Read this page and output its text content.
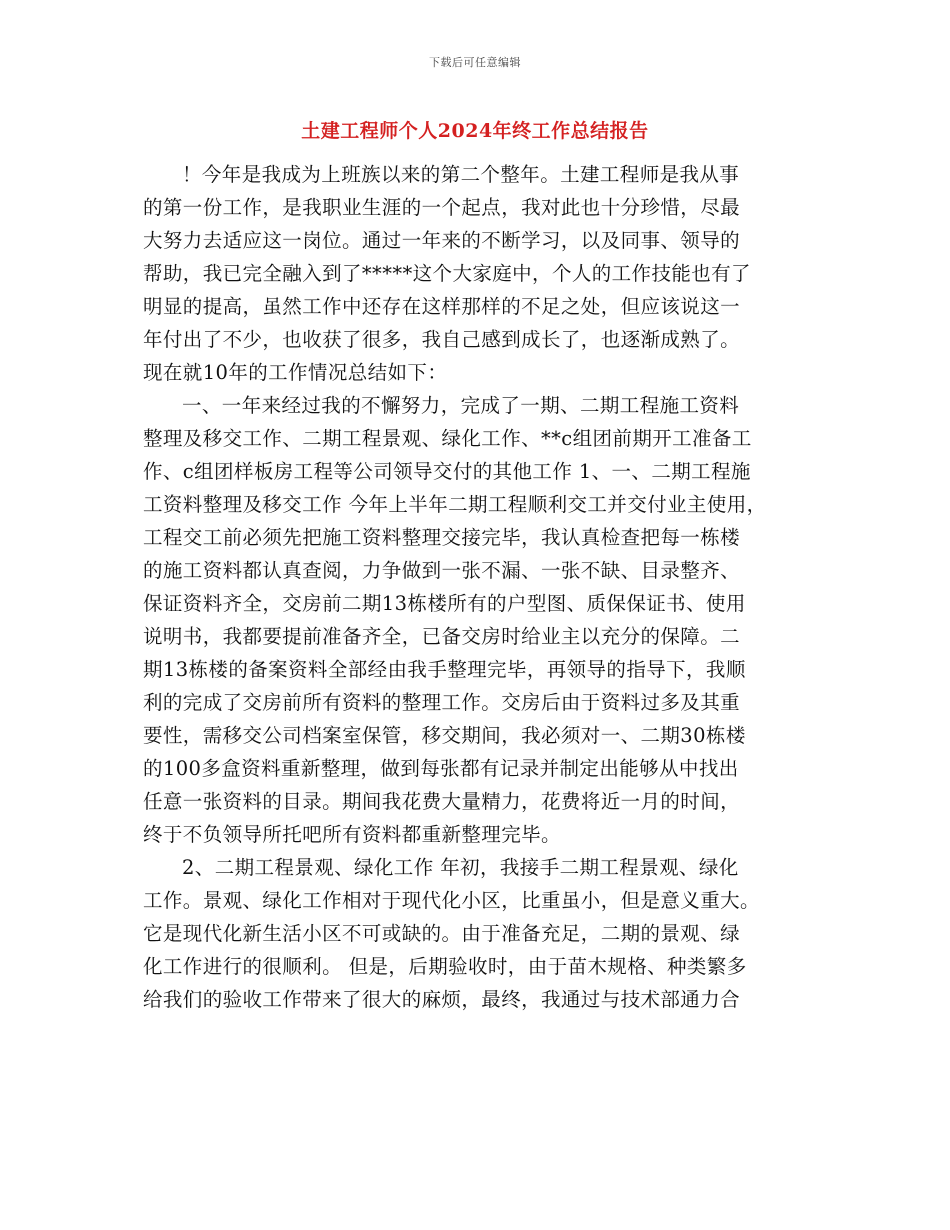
下载后可任意编辑
土建工程师个人2024年终工作总结报告
！今年是我成为上班族以来的第二个整年。土建工程师是我从事
的第一份工作，是我职业生涯的一个起点，我对此也十分珍惜，尽最
大努力去适应这一岗位。通过一年来的不断学习，以及同事、领导的
帮助，我已完全融入到了*****这个大家庭中，个人的工作技能也有了
明显的提高，虽然工作中还存在这样那样的不足之处，但应该说这一
年付出了不少，也收获了很多，我自己感到成长了，也逐渐成熟了。
现在就10年的工作情况总结如下：
一、一年来经过我的不懈努力，完成了一期、二期工程施工资料
整理及移交工作、二期工程景观、绿化工作、**c组团前期开工准备工
作、c组团样板房工程等公司领导交付的其他工作 1、一、二期工程施
工资料整理及移交工作 今年上半年二期工程顺利交工并交付业主使用，
工程交工前必须先把施工资料整理交接完毕，我认真检查把每一栋楼
的施工资料都认真查阅，力争做到一张不漏、一张不缺、目录整齐、
保证资料齐全，交房前二期13栋楼所有的户型图、质保保证书、使用
说明书，我都要提前准备齐全，已备交房时给业主以充分的保障。二
期13栋楼的备案资料全部经由我手整理完毕，再领导的指导下，我顺
利的完成了交房前所有资料的整理工作。交房后由于资料过多及其重
要性，需移交公司档案室保管，移交期间，我必须对一、二期30栋楼
的100多盒资料重新整理，做到每张都有记录并制定出能够从中找出
任意一张资料的目录。期间我花费大量精力，花费将近一月的时间，
终于不负领导所托吧所有资料都重新整理完毕。
2、二期工程景观、绿化工作 年初，我接手二期工程景观、绿化
工作。景观、绿化工作相对于现代化小区，比重虽小，但是意义重大。
它是现代化新生活小区不可或缺的。由于准备充足，二期的景观、绿
化工作进行的很顺利。 但是，后期验收时，由于苗木规格、种类繁多
给我们的验收工作带来了很大的麻烦，最终，我通过与技术部通力合
